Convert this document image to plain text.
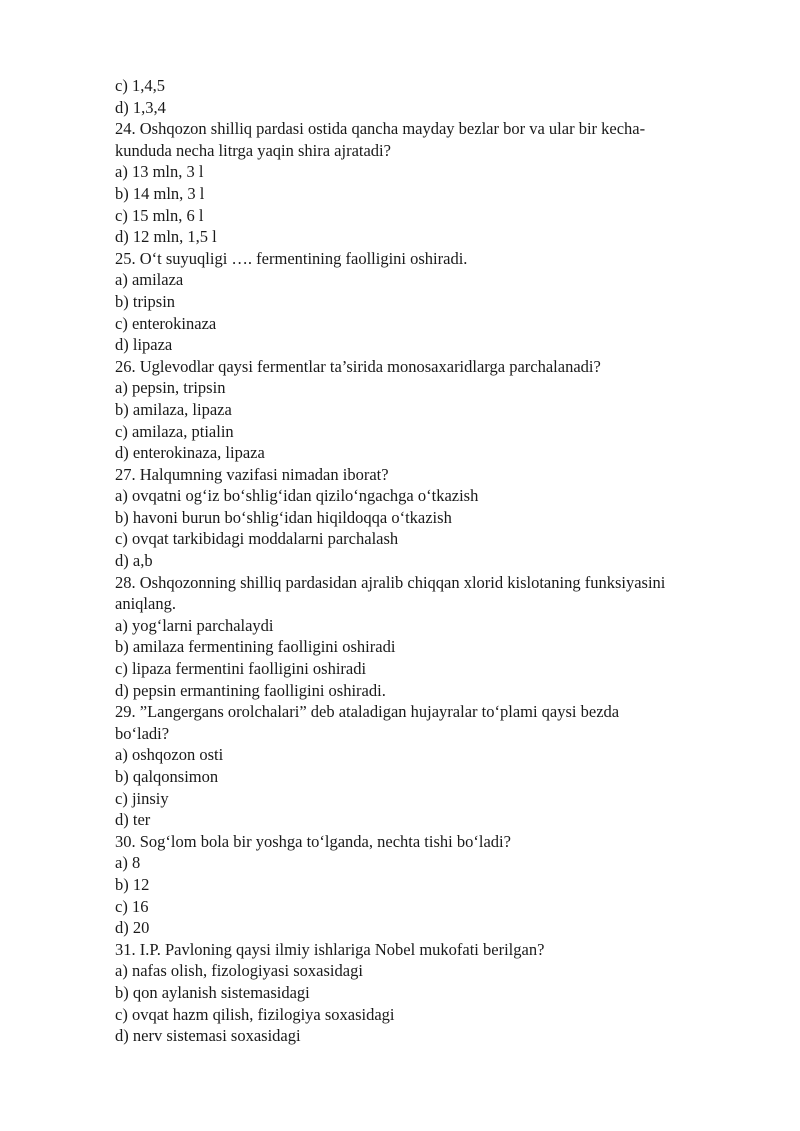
c) 1,4,5
d) 1,3,4
24. Oshqozon shilliq pardasi ostida qancha mayday bezlar bor va ular bir kecha-
kunduda necha litrga yaqin shira ajratadi?
a) 13 mln, 3 l
b) 14 mln, 3 l
c) 15 mln, 6 l
d) 12 mln, 1,5 l
25. O‘t suyuqligi …. fermentining faolligini oshiradi.
a) amilaza
b) tripsin
c) enterokinaza
d) lipaza
26. Uglevodlar qaysi fermentlar ta’sirida monosaxaridlarga parchalanadi?
a) pepsin, tripsin
b) amilaza, lipaza
c) amilaza, ptialin
d) enterokinaza, lipaza
27. Halqumning vazifasi nimadan iborat?
a) ovqatni og‘iz bo‘shlig‘idan qizilo‘ngachga o‘tkazish
b) havoni burun bo‘shlig‘idan hiqildoqqa o‘tkazish
c) ovqat tarkibidagi moddalarni parchalash
d) a,b
28. Oshqozonning shilliq pardasidan ajralib chiqqan xlorid kislotaning funksiyasini
aniqlang.
a) yog‘larni parchalaydi
b) amilaza fermentining faolligini oshiradi
c) lipaza fermentini faolligini oshiradi
d) pepsin ermantining faolligini oshiradi.
29. ”Langergans orolchalari” deb ataladigan hujayralar to‘plami qaysi bezda
bo‘ladi?
a) oshqozon osti
b) qalqonsimon
c) jinsiy
d) ter
30. Sog‘lom bola bir yoshga to‘lganda, nechta tishi bo‘ladi?
a) 8
b) 12
c) 16
d) 20
31. I.P. Pavloning qaysi ilmiy ishlariga Nobel mukofati berilgan?
a) nafas olish, fizologiyasi soxasidagi
b) qon aylanish sistemasidagi
c) ovqat hazm qilish, fizilogiya soxasidagi
d) nerv sistemasi soxasidagi
